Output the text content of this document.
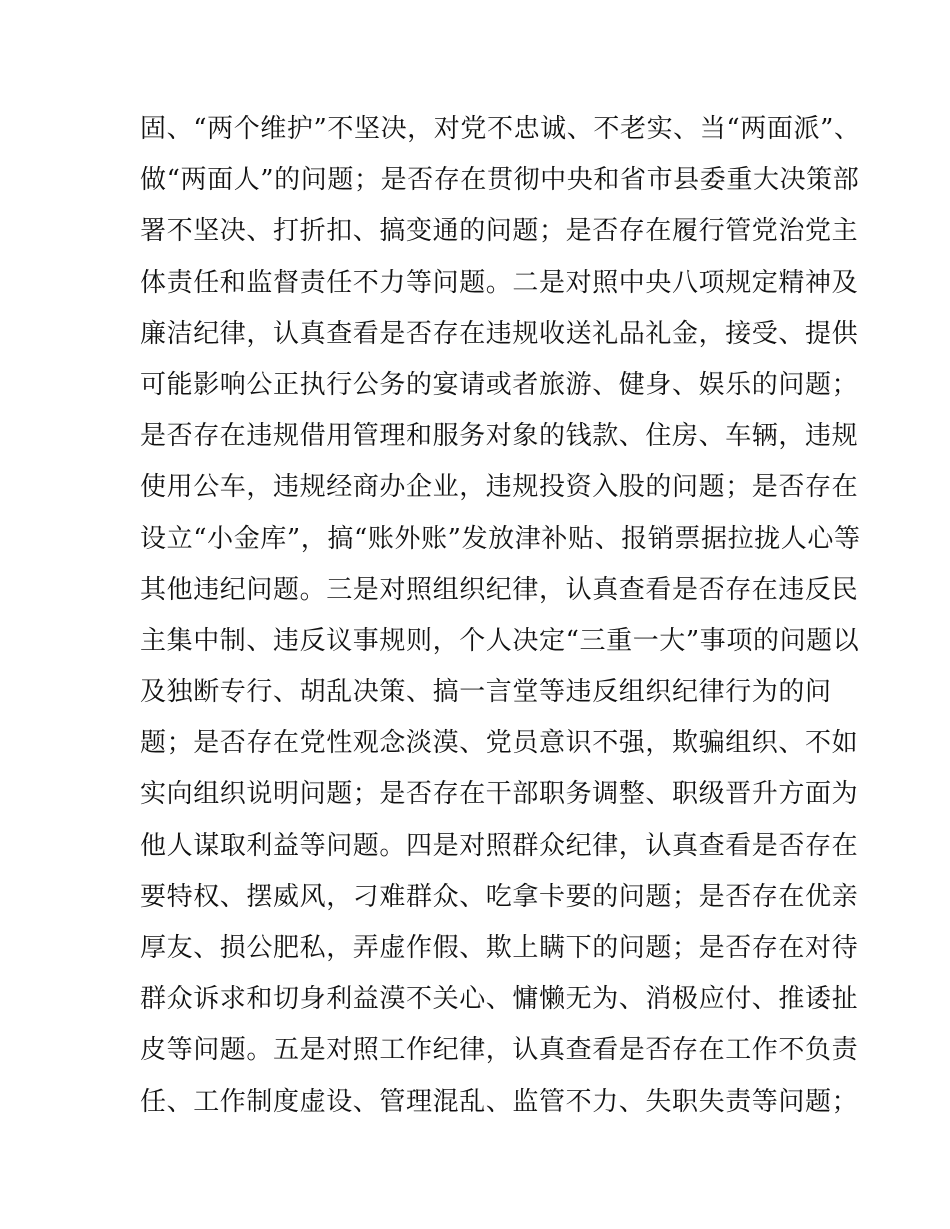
固、“两个维护”不坚决，对党不忠诚、不老实、当“两面派”、
做“两面人”的问题；是否存在贯彻中央和省市县委重大决策部
署不坚决、打折扣、搞变通的问题；是否存在履行管党治党主
体责任和监督责任不力等问题。二是对照中央八项规定精神及
廉洁纪律，认真查看是否存在违规收送礼品礼金，接受、提供
可能影响公正执行公务的宴请或者旅游、健身、娱乐的问题；
是否存在违规借用管理和服务对象的钱款、住房、车辆，违规
使用公车，违规经商办企业，违规投资入股的问题；是否存在
设立“小金库”，搞“账外账”发放津补贴、报销票据拉拢人心等
其他违纪问题。三是对照组织纪律，认真查看是否存在违反民
主集中制、违反议事规则，个人决定“三重一大”事项的问题以
及独断专行、胡乱决策、搞一言堂等违反组织纪律行为的问
题；是否存在党性观念淡漠、党员意识不强，欺骗组织、不如
实向组织说明问题；是否存在干部职务调整、职级晋升方面为
他人谋取利益等问题。四是对照群众纪律，认真查看是否存在
要特权、摆威风，刁难群众、吃拿卡要的问题；是否存在优亲
厚友、损公肥私，弄虚作假、欺上瞒下的问题；是否存在对待
群众诉求和切身利益漠不关心、慵懒无为、消极应付、推诿扯
皮等问题。五是对照工作纪律，认真查看是否存在工作不负责
任、工作制度虚设、管理混乱、监管不力、失职失责等问题；
